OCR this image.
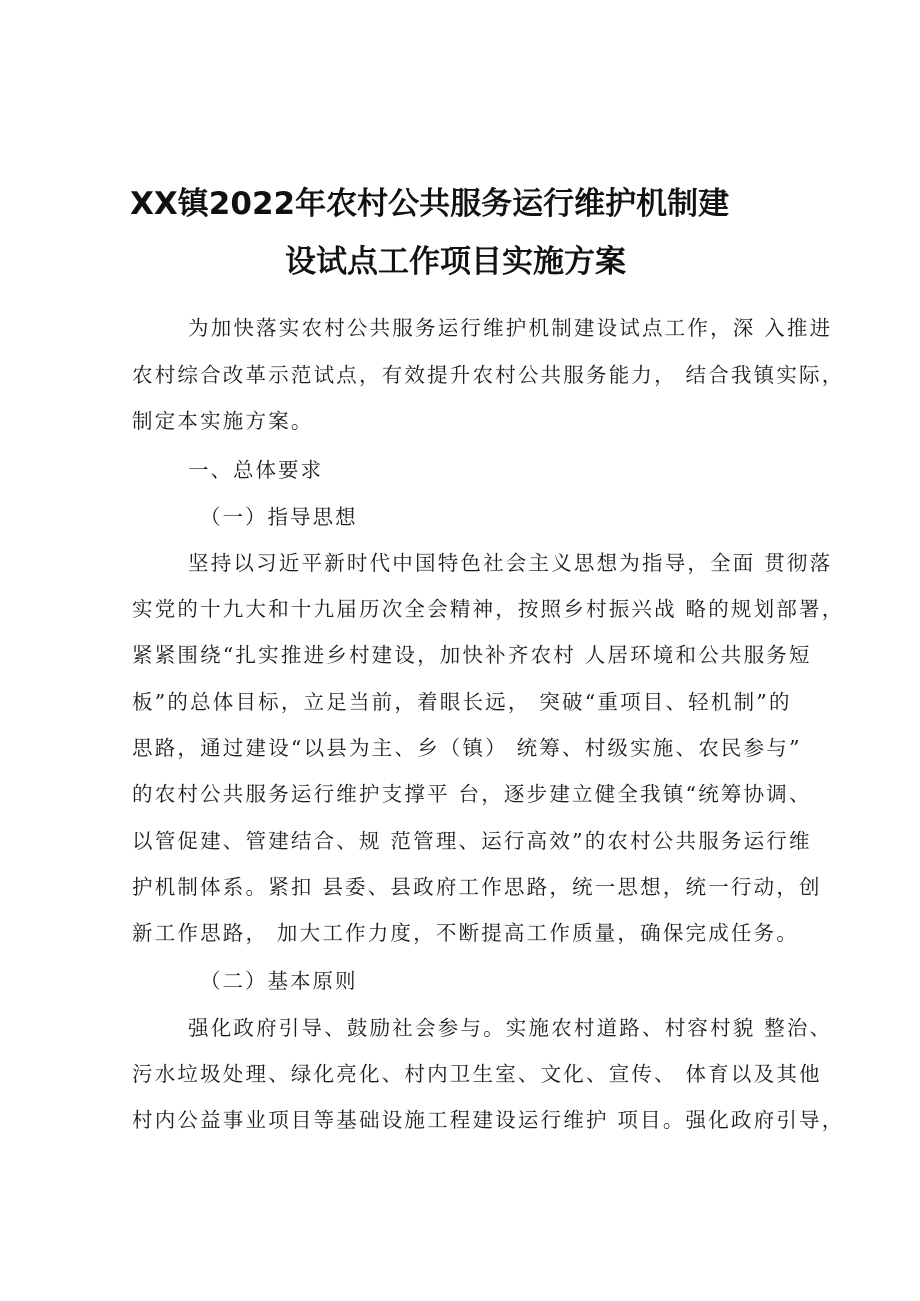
XX镇2022年农村公共服务运行维护机制建
设试点工作项目实施方案
为加快落实农村公共服务运行维护机制建设试点工作，深 入推进
农村综合改革示范试点，有效提升农村公共服务能力， 结合我镇实际，
制定本实施方案。
一、总体要求
（一）指导思想
坚持以习近平新时代中国特色社会主义思想为指导，全面 贯彻落
实党的十九大和十九届历次全会精神，按照乡村振兴战 略的规划部署，
紧紧围绕“扎实推进乡村建设，加快补齐农村 人居环境和公共服务短
板”的总体目标，立足当前，着眼长远， 突破“重项目、轻机制”的
思路，通过建设“以县为主、乡（镇） 统筹、村级实施、农民参与”
的农村公共服务运行维护支撑平 台，逐步建立健全我镇“统筹协调、
以管促建、管建结合、规 范管理、运行高效”的农村公共服务运行维
护机制体系。紧扣 县委、县政府工作思路，统一思想，统一行动，创
新工作思路， 加大工作力度，不断提高工作质量，确保完成任务。
（二）基本原则
强化政府引导、鼓励社会参与。实施农村道路、村容村貌 整治、
污水垃圾处理、绿化亮化、村内卫生室、文化、宣传、 体育以及其他
村内公益事业项目等基础设施工程建设运行维护 项目。强化政府引导，
